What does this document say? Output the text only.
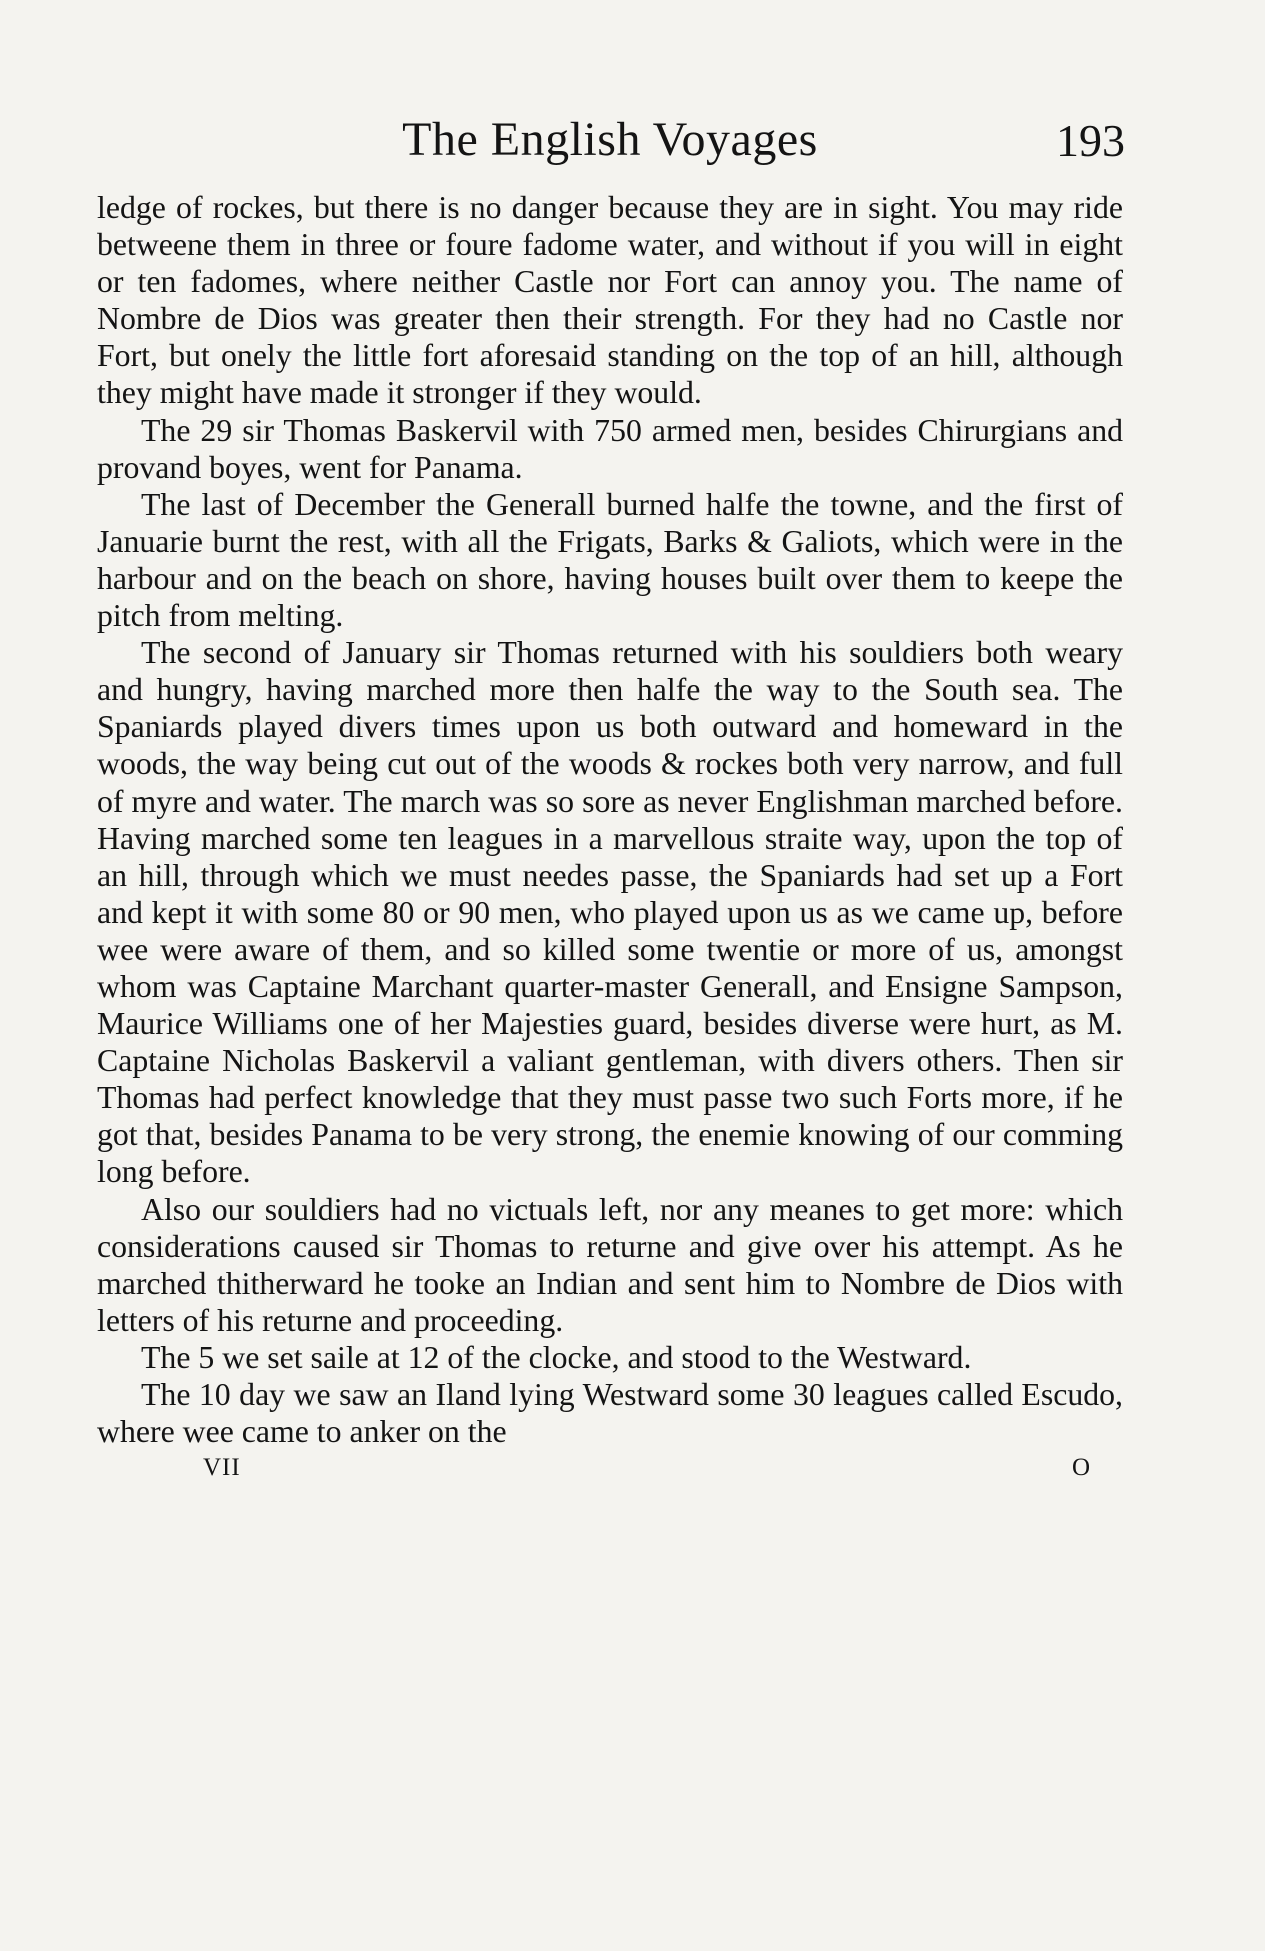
The English Voyages	193

ledge of rockes, but there is no danger because they are in sight. You may ride betweene them in three or foure fadome water, and without if you will in eight or ten fadomes, where neither Castle nor Fort can annoy you. The name of Nombre de Dios was greater then their strength. For they had no Castle nor Fort, but onely the little fort aforesaid standing on the top of an hill, although they might have made it stronger if they would.

The 29 sir Thomas Baskervil with 750 armed men, besides Chirurgians and provand boyes, went for Panama.

The last of December the Generall burned halfe the towne, and the first of Januarie burnt the rest, with all the Frigats, Barks & Galiots, which were in the harbour and on the beach on shore, having houses built over them to keepe the pitch from melting.

The second of January sir Thomas returned with his souldiers both weary and hungry, having marched more then halfe the way to the South sea. The Spaniards played divers times upon us both outward and homeward in the woods, the way being cut out of the woods & rockes both very narrow, and full of myre and water. The march was so sore as never Englishman marched before. Having marched some ten leagues in a marvellous straite way, upon the top of an hill, through which we must needes passe, the Spaniards had set up a Fort and kept it with some 80 or 90 men, who played upon us as we came up, before wee were aware of them, and so killed some twentie or more of us, amongst whom was Captaine Marchant quarter-master Generall, and Ensigne Sampson, Maurice Williams one of her Majesties guard, besides diverse were hurt, as M. Captaine Nicholas Baskervil a valiant gentleman, with divers others. Then sir Thomas had perfect knowledge that they must passe two such Forts more, if he got that, besides Panama to be very strong, the enemie knowing of our comming long before.

Also our souldiers had no victuals left, nor any meanes to get more: which considerations caused sir Thomas to returne and give over his attempt. As he marched thitherward he tooke an Indian and sent him to Nombre de Dios with letters of his returne and proceeding.

The 5 we set saile at 12 of the clocke, and stood to the Westward.

The 10 day we saw an Iland lying Westward some 30 leagues called Escudo, where wee came to anker on the

VII	O
